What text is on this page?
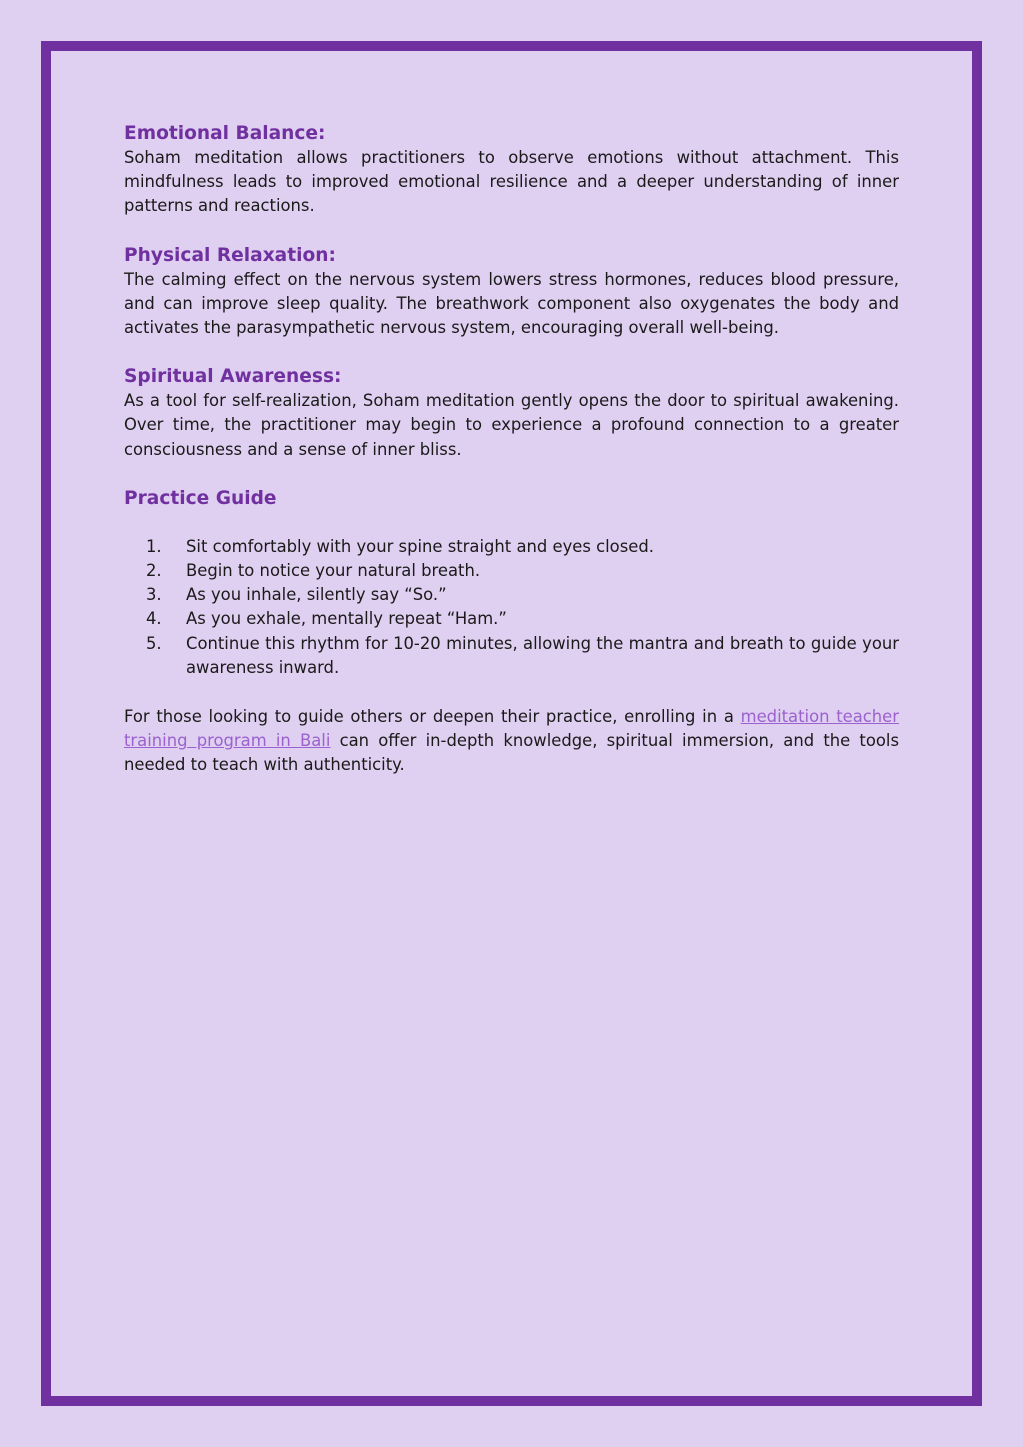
Emotional Balance:

Soham meditation allows practitioners to observe emotions without attachment. This mindfulness leads to improved emotional resilience and a deeper understanding of inner patterns and reactions.

Physical Relaxation:

The calming effect on the nervous system lowers stress hormones, reduces blood pressure, and can improve sleep quality. The breathwork component also oxygenates the body and activates the parasympathetic nervous system, encouraging overall well-being.

Spiritual Awareness:

As a tool for self-realization, Soham meditation gently opens the door to spiritual awakening. Over time, the practitioner may begin to experience a profound connection to a greater consciousness and a sense of inner bliss.

Practice Guide
1.	Sit comfortably with your spine straight and eyes closed.
2.	Begin to notice your natural breath.
3.	As you inhale, silently say “So.”
4.	As you exhale, mentally repeat “Ham.”
5.	Continue this rhythm for 10-20 minutes, allowing the mantra and breath to guide your awareness inward.

For those looking to guide others or deepen their practice, enrolling in a meditation teacher training program in Bali can offer in-depth knowledge, spiritual immersion, and the tools needed to teach with authenticity.
